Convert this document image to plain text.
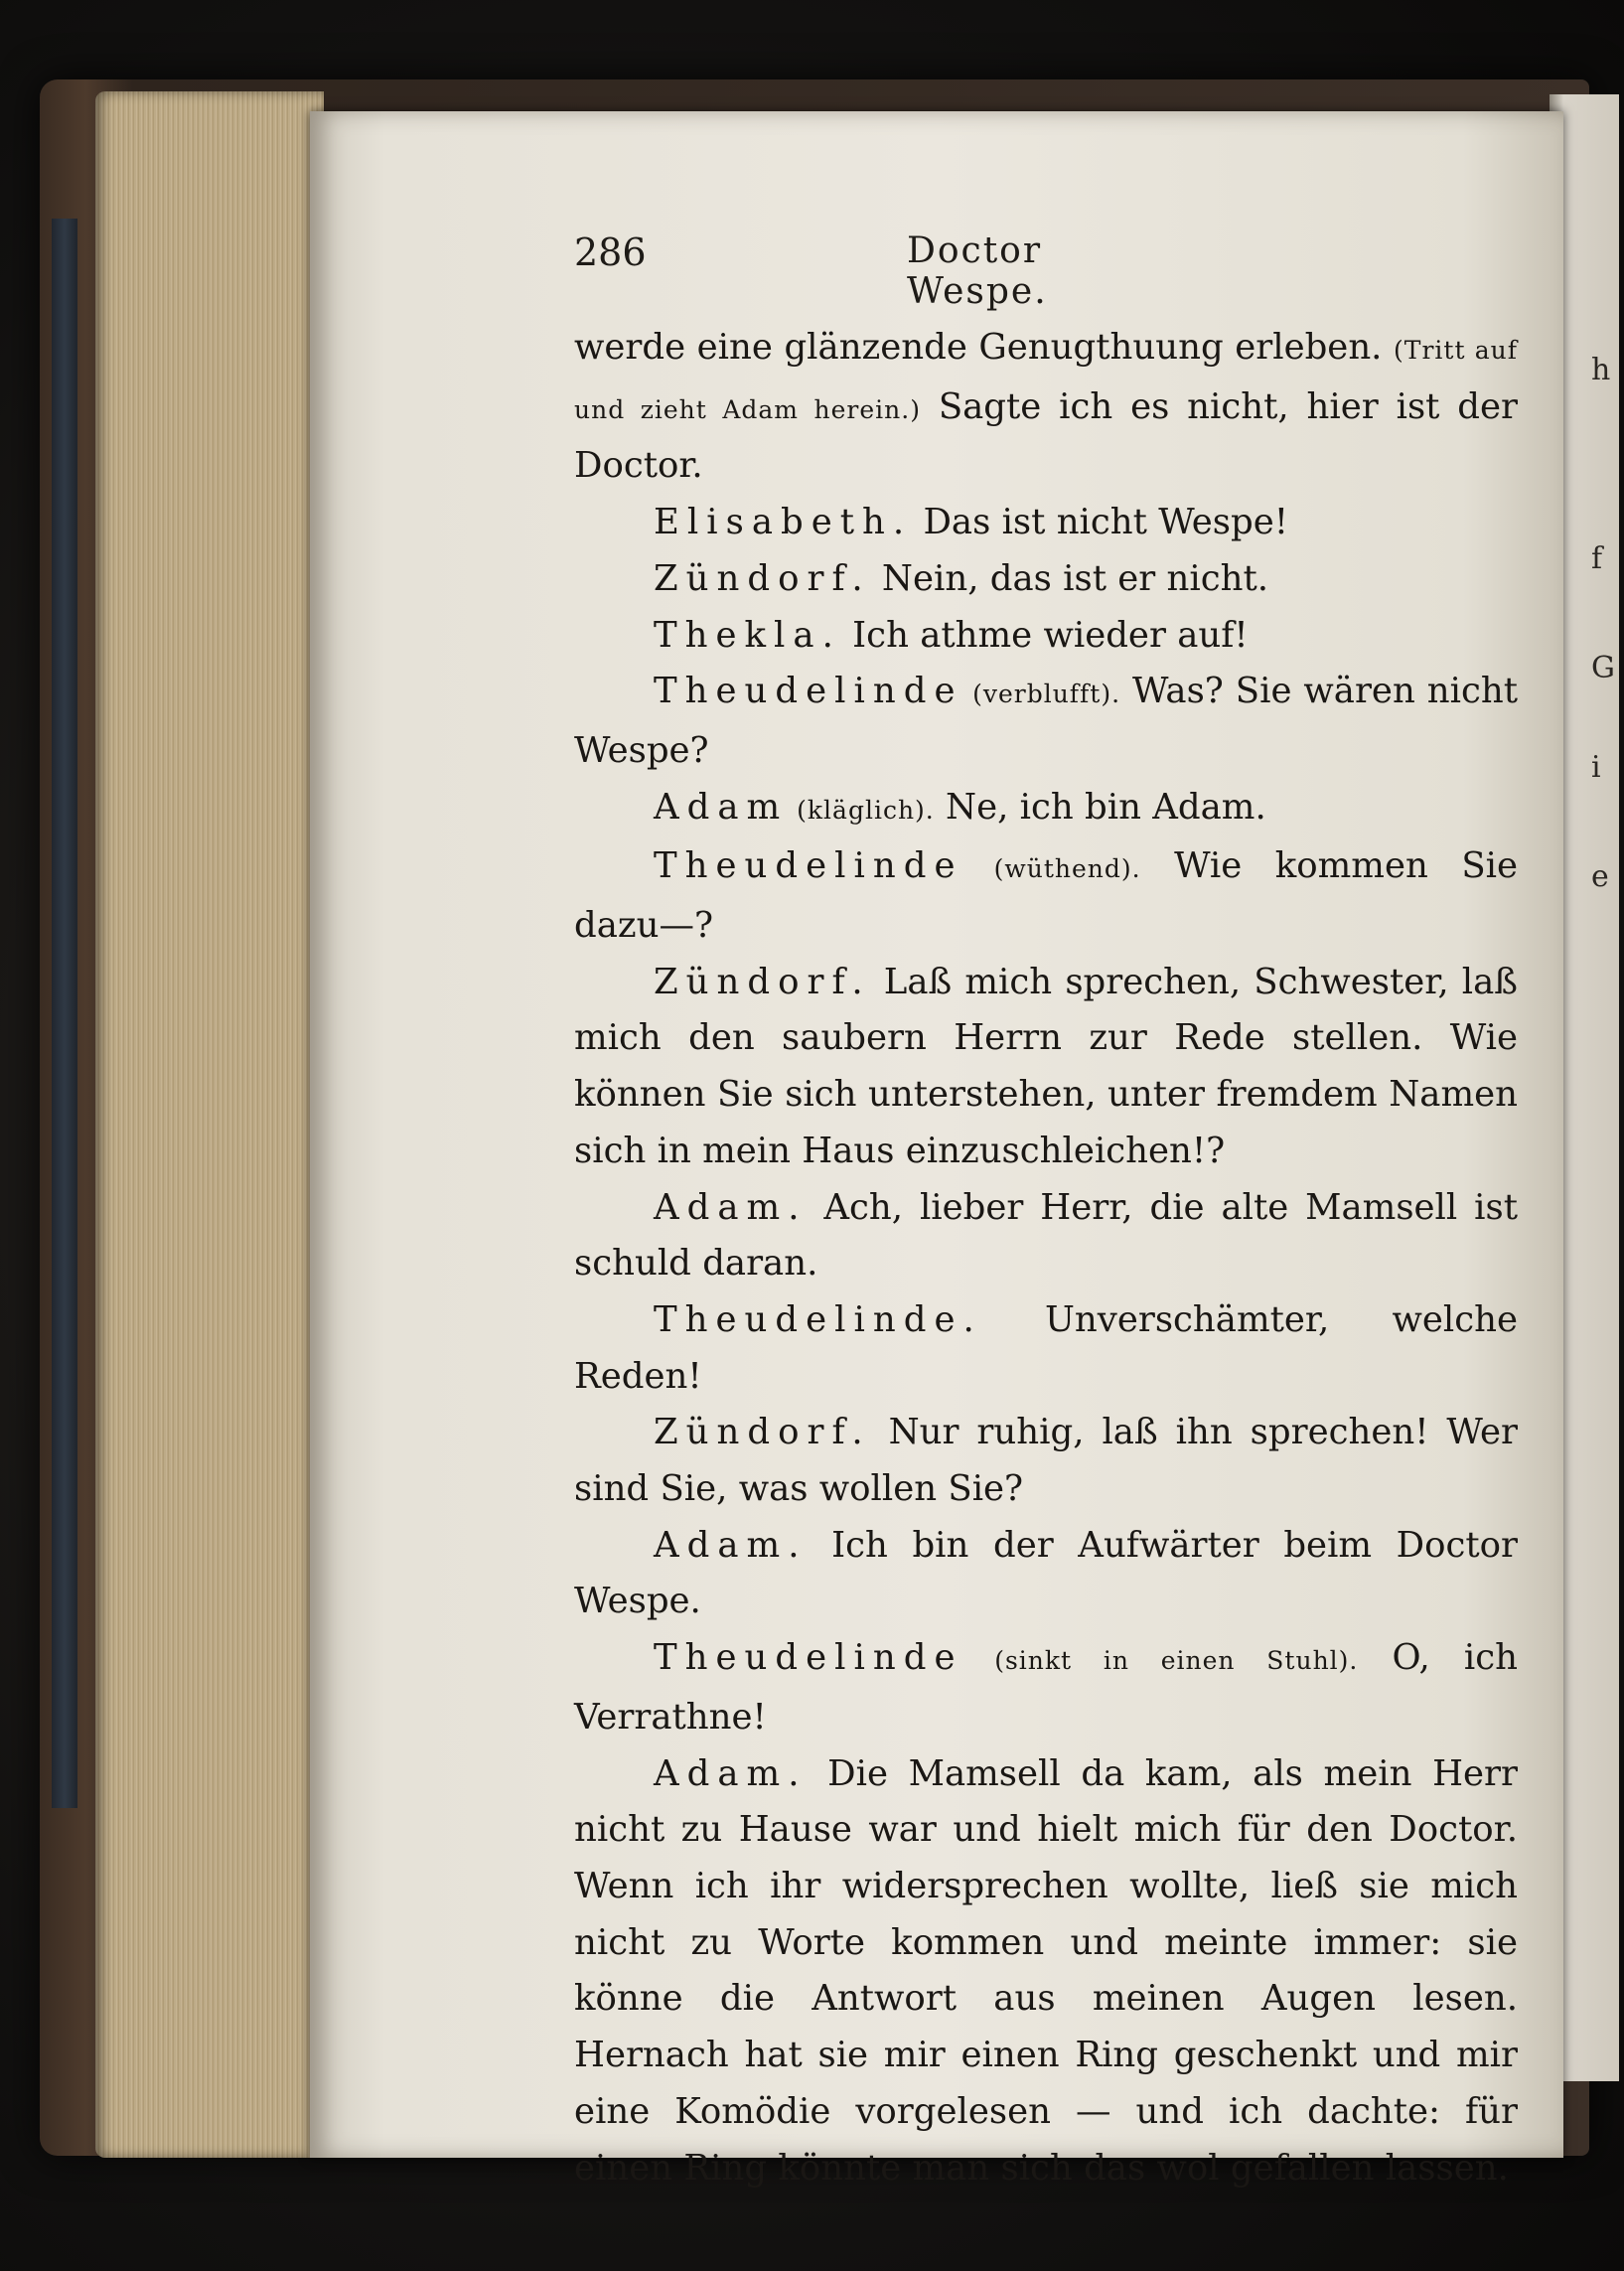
h
f
G
i
e
286	Doctor Wespe.

werde eine glänzende Genugthuung erleben. (Tritt auf und zieht Adam herein.) Sagte ich es nicht, hier ist der Doctor.

Elisabeth. Das ist nicht Wespe!

Zündorf. Nein, das ist er nicht.

Thekla. Ich athme wieder auf!

Theudelinde (verblufft). Was? Sie wären nicht Wespe?

Adam (kläglich). Ne, ich bin Adam.

Theudelinde (wüthend). Wie kommen Sie dazu—?

Zündorf. Laß mich sprechen, Schwester, laß mich den saubern Herrn zur Rede stellen. Wie können Sie sich unterstehen, unter fremdem Namen sich in mein Haus einzuschleichen!?

Adam. Ach, lieber Herr, die alte Mamsell ist schuld daran.

Theudelinde. Unverschämter, welche Reden!

Zündorf. Nur ruhig, laß ihn sprechen! Wer sind Sie, was wollen Sie?

Adam. Ich bin der Aufwärter beim Doctor Wespe.

Theudelinde (sinkt in einen Stuhl). O, ich Verrathne!

Adam. Die Mamsell da kam, als mein Herr nicht zu Hause war und hielt mich für den Doctor. Wenn ich ihr widersprechen wollte, ließ sie mich nicht zu Worte kommen und meinte immer: sie könne die Antwort aus meinen Augen lesen. Hernach hat sie mir einen Ring geschenkt und mir eine Komödie vorgelesen — und ich dachte: für einen Ring könnte man sich das wol gefallen lassen.
